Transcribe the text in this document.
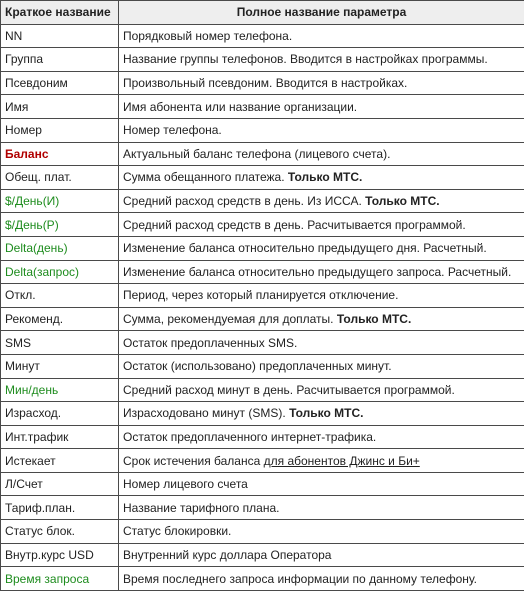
Краткое название	Полное название параметра
NN	Порядковый номер телефона.
Группа	Название группы телефонов. Вводится в настройках программы.
Псевдоним	Произвольный псевдоним. Вводится в настройках.
Имя	Имя абонента или название организации.
Номер	Номер телефона.
Баланс	Актуальный баланс телефона (лицевого счета).
Обещ. плат.	Сумма обещанного платежа. Только МТС.
$/День(И)	Средний расход средств в день. Из ИССА. Только МТС.
$/День(Р)	Средний расход средств в день. Расчитывается программой.
Delta(день)	Изменение баланса относительно предыдущего дня. Расчетный.
Delta(запрос)	Изменение баланса относительно предыдущего запроса. Расчетный.
Откл.	Период, через который планируется отключение.
Рекоменд.	Сумма, рекомендуемая для доплаты. Только МТС.
SMS	Остаток предоплаченных SMS.
Минут	Остаток (использовано) предоплаченных минут.
Мин/день	Средний расход минут в день. Расчитывается программой.
Израсход.	Израсходовано минут (SMS). Только МТС.
Инт.трафик	Остаток предоплаченного интернет-трафика.
Истекает	Срок истечения баланса для абонентов Джинс и Би+
Л/Счет	Номер лицевого счета
Тариф.план.	Название тарифного плана.
Статус блок.	Статус блокировки.
Внутр.курс USD	Внутренний курс доллара Оператора
Время запроса	Время последнего запроса информации по данному телефону.
